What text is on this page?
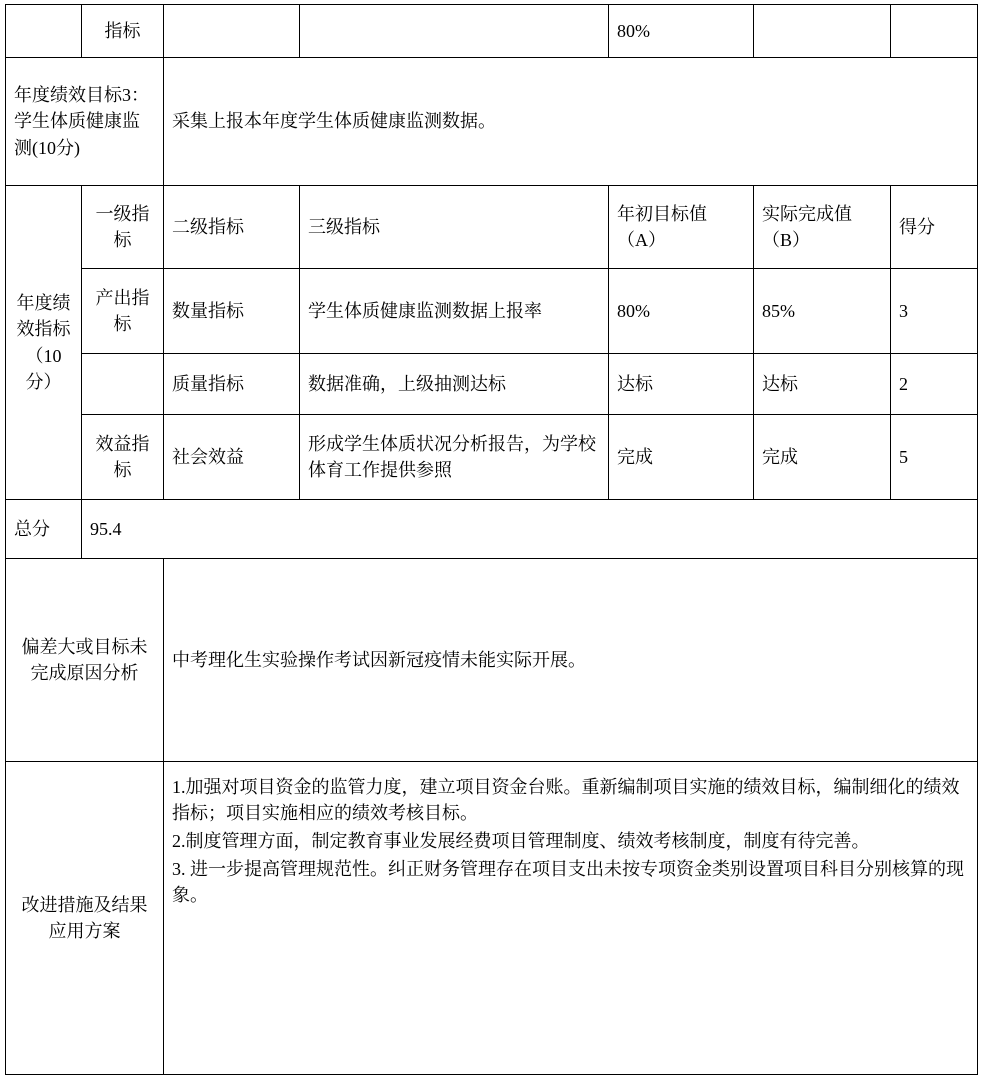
	指标			80%		
年度绩效目标3：学生体质健康监测(10分)		采集上报本年度学生体质健康监测数据。				
年度绩效指标（10分）	一级指标	二级指标	三级指标	年初目标值（A）	实际完成值（B）	得分
	产出指标	数量指标	学生体质健康监测数据上报率	80%	85%	3
		质量指标	数据准确，上级抽测达标	达标	达标	2
	效益指标	社会效益	形成学生体质状况分析报告，为学校体育工作提供参照	完成	完成	5
总分	95.4					
偏差大或目标未完成原因分析		中考理化生实验操作考试因新冠疫情未能实际开展。				
改进措施及结果应用方案		1.加强对项目资金的监管力度，建立项目资金台账。重新编制项目实施的绩效目标，编制细化的绩效指标；项目实施相应的绩效考核目标。

2.制度管理方面，制定教育事业发展经费项目管理制度、绩效考核制度，制度有待完善。

3. 进一步提高管理规范性。纠正财务管理存在项目支出未按专项资金类别设置项目科目分别核算的现象。				
